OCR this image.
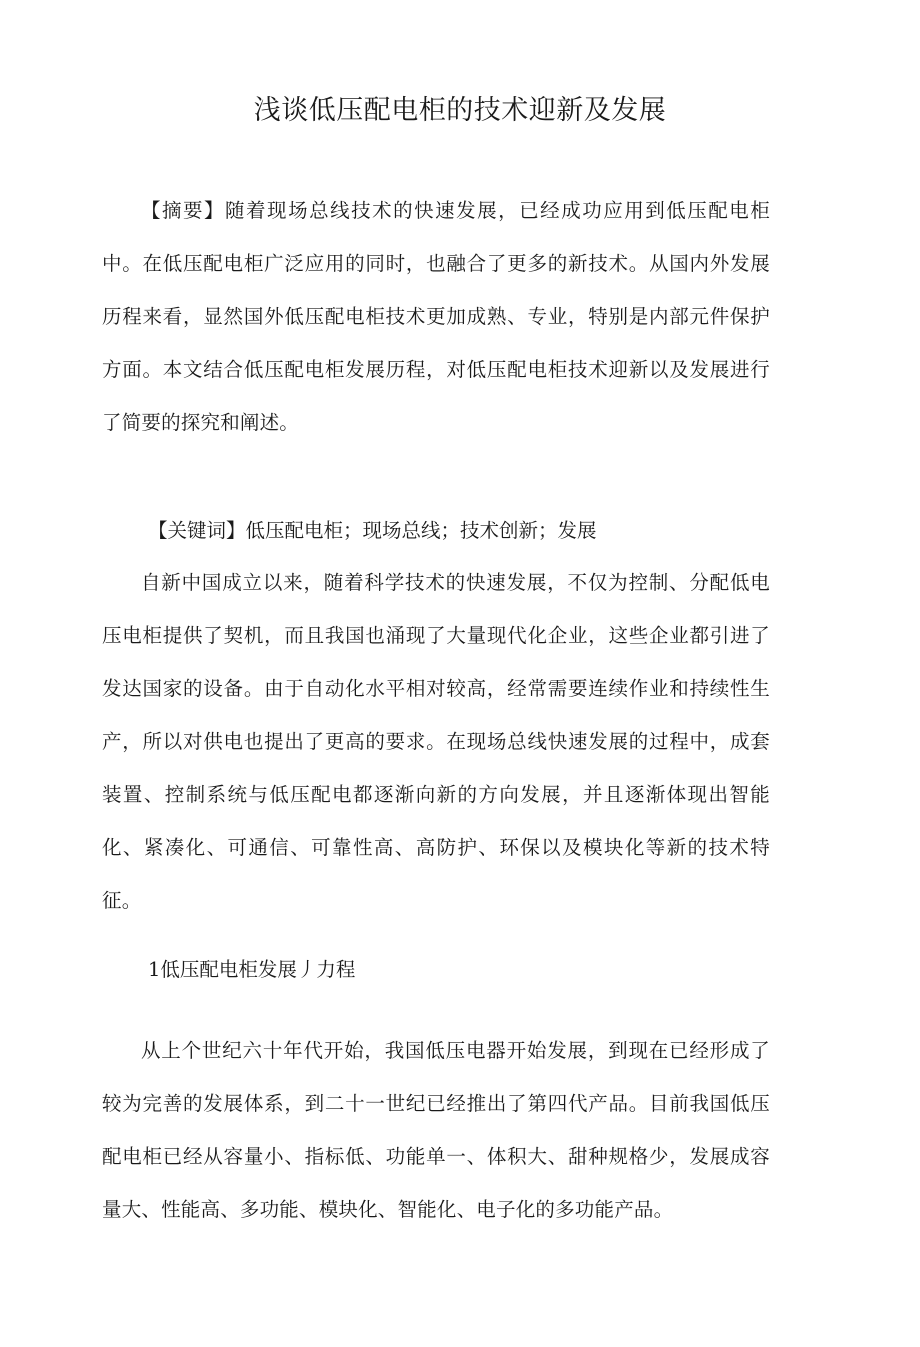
浅谈低压配电柜的技术迎新及发展

【摘要】随着现场总线技术的快速发展，已经成功应用到低压配电柜中。在低压配电柜广泛应用的同时，也融合了更多的新技术。从国内外发展历程来看，显然国外低压配电柜技术更加成熟、专业，特别是内部元件保护方面。本文结合低压配电柜发展历程，对低压配电柜技术迎新以及发展进行了简要的探究和阐述。

【关键词】低压配电柜；现场总线；技术创新；发展

自新中国成立以来，随着科学技术的快速发展，不仅为控制、分配低电压电柜提供了契机，而且我国也涌现了大量现代化企业，这些企业都引进了发达国家的设备。由于自动化水平相对较高，经常需要连续作业和持续性生产，所以对供电也提出了更高的要求。在现场总线快速发展的过程中，成套装置、控制系统与低压配电都逐渐向新的方向发展，并且逐渐体现出智能化、紧凑化、可通信、可靠性高、高防护、环保以及模块化等新的技术特征。

1低压配电柜发展丿力程

从上个世纪六十年代开始，我国低压电器开始发展，到现在已经形成了较为完善的发展体系，到二十一世纪已经推出了第四代产品。目前我国低压配电柜已经从容量小、指标低、功能单一、体积大、甜种规格少，发展成容量大、性能高、多功能、模块化、智能化、电子化的多功能产品。
